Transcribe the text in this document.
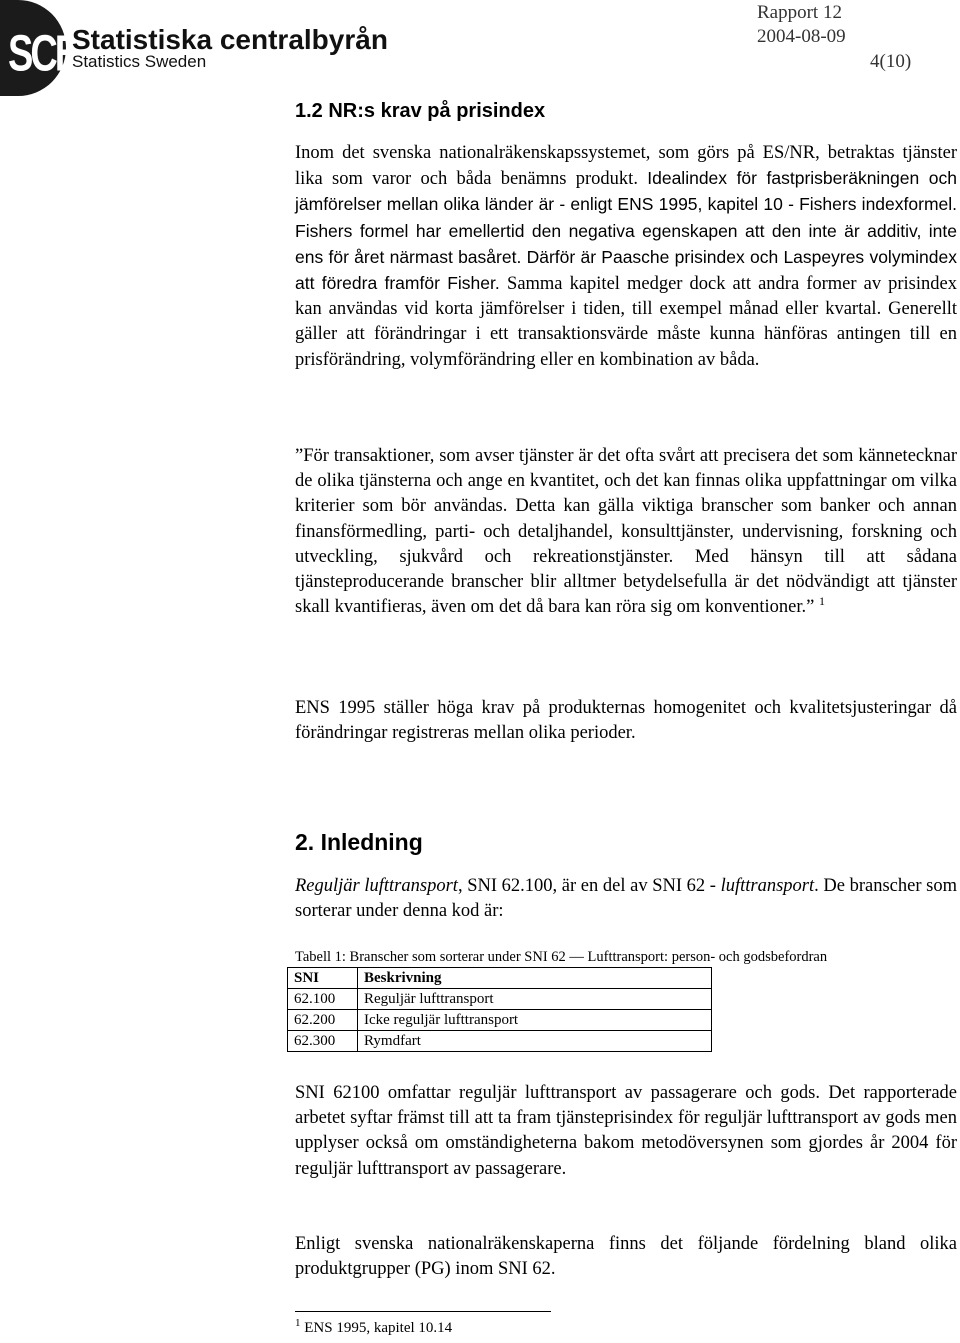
SCB
Statistiska centralbyrån
Statistics Sweden
Rapport 12
2004-08-09
4(10)
1.2 NR:s krav på prisindex

Inom det svenska nationalräkenskapssystemet, som görs på ES/NR, betraktas tjänster lika som varor och båda benämns produkt. Idealindex för fastprisberäkningen och jämförelser mellan olika länder är - enligt ENS 1995, kapitel 10 - Fishers indexformel. Fishers formel har emellertid den negativa egenskapen att den inte är additiv, inte ens för året närmast basåret. Därför är Paasche prisindex och Laspeyres volymindex att föredra framför Fisher. Samma kapitel medger dock att andra former av prisindex kan användas vid korta jämförelser i tiden, till exempel månad eller kvartal. Generellt gäller att förändringar i ett transaktionsvärde måste kunna hänföras antingen till en prisförändring, volymförändring eller en kombination av båda.

”För transaktioner, som avser tjänster är det ofta svårt att precisera det som kännetecknar de olika tjänsterna och ange en kvantitet, och det kan finnas olika uppfattningar om vilka kriterier som bör användas. Detta kan gälla viktiga branscher som banker och annan finansförmedling, parti- och detaljhandel, konsulttjänster, undervisning, forskning och utveckling, sjukvård och rekreationstjänster. Med hänsyn till att sådana tjänsteproducerande branscher blir alltmer betydelsefulla är det nödvändigt att tjänster skall kvantifieras, även om det då bara kan röra sig om konventioner.” $^1$

ENS 1995 ställer höga krav på produkternas homogenitet och kvalitetsjusteringar då förändringar registreras mellan olika perioder.

2. Inledning

Reguljär lufttransport, SNI 62.100, är en del av SNI 62 - lufttransport. De branscher som sorterar under denna kod är:

Tabell 1: Branscher som sorterar under SNI 62 — Lufttransport: person- och godsbefordran
SNI	Beskrivning
62.100	Reguljär lufttransport
62.200	Icke reguljär lufttransport
62.300	Rymdfart

SNI 62100 omfattar reguljär lufttransport av passagerare och gods. Det rapporterade arbetet syftar främst till att ta fram tjänsteprisindex för reguljär lufttransport av gods men upplyser också om omständigheterna bakom metodöversynen som gjordes år 2004 för reguljär lufttransport av passagerare.

Enligt svenska nationalräkenskaperna finns det följande fördelning bland olika produktgrupper (PG) inom SNI 62.

$^1$ ENS 1995, kapitel 10.14
